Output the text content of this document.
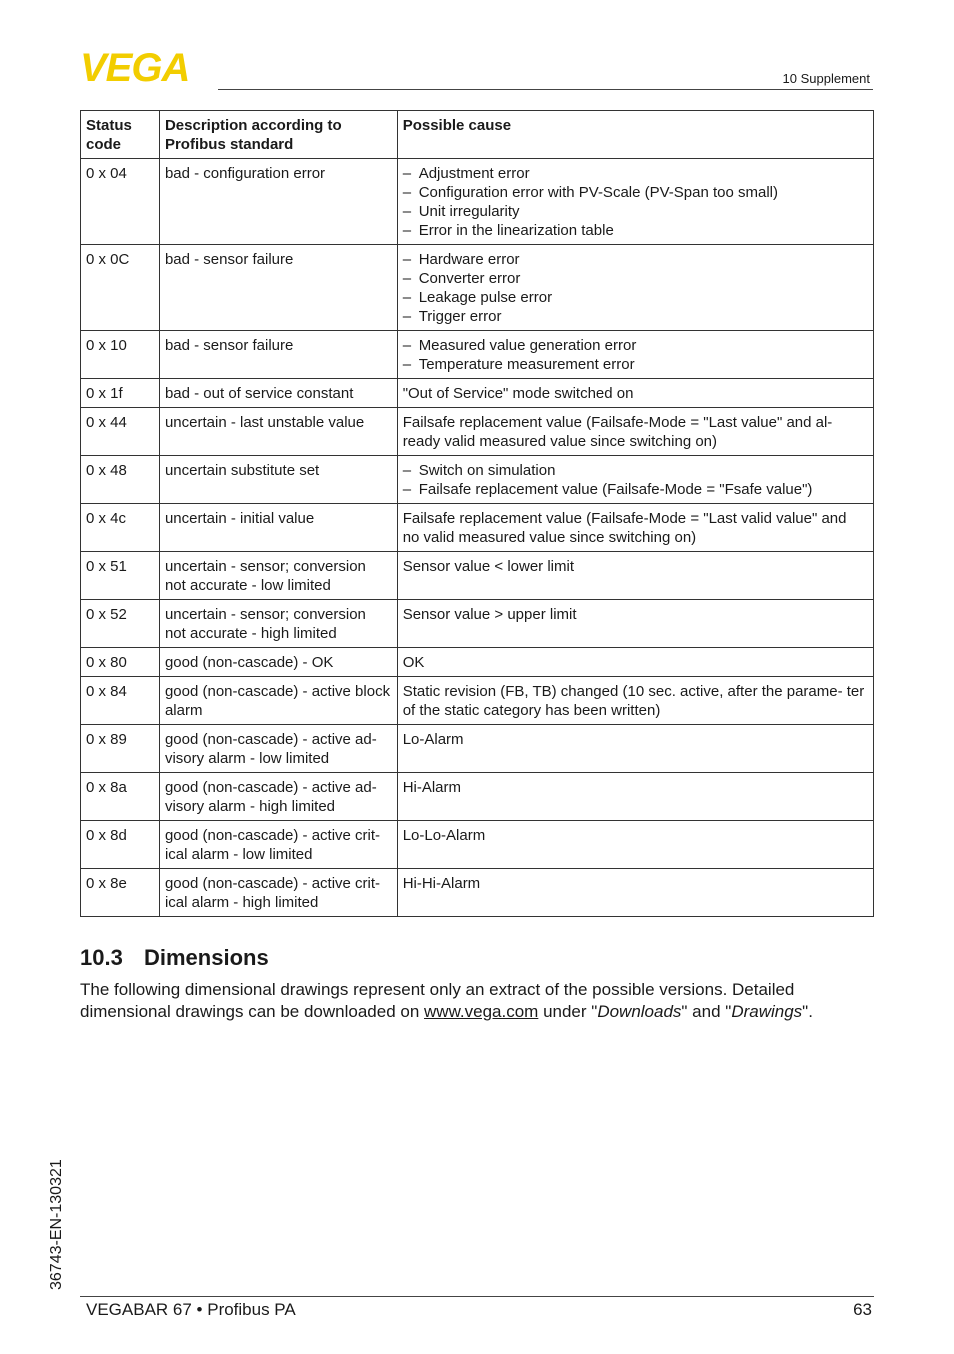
VEGA	10 Supplement
Status code	Description according to Profibus standard	Possible cause
0 x 04	bad - configuration error	– Adjustment error
– Configuration error with PV-Scale (PV-Span too small)
– Unit irregularity
– Error in the linearization table

0 x 0C	bad - sensor failure	– Hardware error
– Converter error
– Leakage pulse error
– Trigger error

0 x 10	bad - sensor failure	– Measured value generation error
– Temperature measurement error

0 x 1f	bad - out of service constant	"Out of Service" mode switched on

0 x 44	uncertain - last unstable value	Failsafe replacement value (Failsafe-Mode = "Last value" and al- ready valid measured value since switching on)

0 x 48	uncertain substitute set	– Switch on simulation
– Failsafe replacement value (Failsafe-Mode = "Fsafe value")

0 x 4c	uncertain - initial value	Failsafe replacement value (Failsafe-Mode = "Last valid value" and no valid measured value since switching on)

0 x 51	uncertain - sensor; conversion not accurate - low limited	Sensor value < lower limit

0 x 52	uncertain - sensor; conversion not accurate - high limited	Sensor value > upper limit

0 x 80	good (non-cascade) - OK	OK

0 x 84	good (non-cascade) - active block alarm	Static revision (FB, TB) changed (10 sec. active, after the parame- ter of the static category has been written)

0 x 89	good (non-cascade) - active ad- visory alarm - low limited	Lo-Alarm

0 x 8a	good (non-cascade) - active ad- visory alarm - high limited	Hi-Alarm

0 x 8d	good (non-cascade) - active crit- ical alarm - low limited	Lo-Lo-Alarm

0 x 8e	good (non-cascade) - active crit- ical alarm - high limited	Hi-Hi-Alarm
10.3 Dimensions

The following dimensional drawings represent only an extract of the possible versions. Detailed dimensional drawings can be downloaded on www.vega.com under "Downloads" and "Drawings".

36743-EN-130321
VEGABAR 67 • Profibus PA	63
